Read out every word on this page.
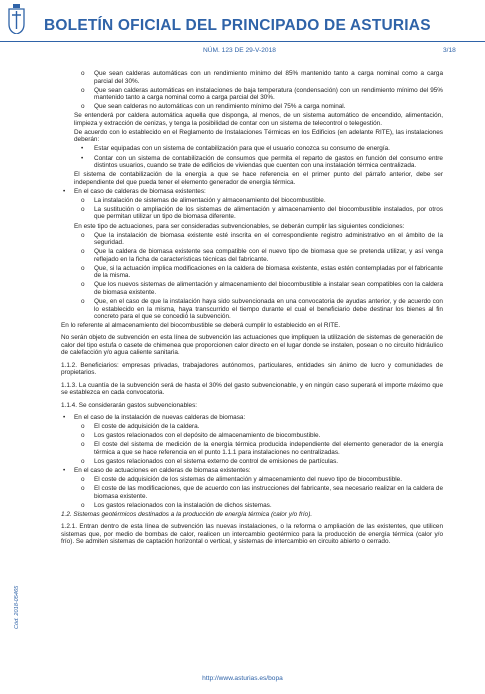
BOLETÍN OFICIAL DEL PRINCIPADO DE ASTURIAS
NÚM. 123 DE 29-V-2018	3/18
Cód. 2018-05465

o Que sean calderas automáticas con un rendimiento mínimo del 85% mantenido tanto a carga nominal como a carga parcial del 30%.

o Que sean calderas automáticas en instalaciones de baja temperatura (condensación) con un rendimiento mínimo del 95% mantenido tanto a carga nominal como a carga parcial del 30%.

o Que sean calderas no automáticas con un rendimiento mínimo del 75% a carga nominal.

Se entenderá por caldera automática aquella que disponga, al menos, de un sistema automático de encendido, alimentación, limpieza y extracción de cenizas, y tenga la posibilidad de contar con un sistema de telecontrol o telegestión.

De acuerdo con lo establecido en el Reglamento de Instalaciones Térmicas en los Edificios (en adelante RITE), las instalaciones deberán:

• Estar equipadas con un sistema de contabilización para que el usuario conozca su consumo de energía.

• Contar con un sistema de contabilización de consumos que permita el reparto de gastos en función del consumo entre distintos usuarios, cuando se trate de edificios de viviendas que cuenten con una instalación térmica centralizada.

El sistema de contabilización de la energía a que se hace referencia en el primer punto del párrafo anterior, debe ser independiente del que pueda tener el elemento generador de energía térmica.

• En el caso de calderas de biomasa existentes:

o La instalación de sistemas de alimentación y almacenamiento del biocombustible.

o La sustitución o ampliación de los sistemas de alimentación y almacenamiento del biocombustible instalados, por otros que permitan utilizar un tipo de biomasa diferente.

En este tipo de actuaciones, para ser consideradas subvencionables, se deberán cumplir las siguientes condiciones:

o Que la instalación de biomasa existente esté inscrita en el correspondiente registro administrativo en el ámbito de la seguridad.

o Que la caldera de biomasa existente sea compatible con el nuevo tipo de biomasa que se pretenda utilizar, y así venga reflejado en la ficha de características técnicas del fabricante.

o Que, si la actuación implica modificaciones en la caldera de biomasa existente, estas estén contempladas por el fabricante de la misma.

o Que los nuevos sistemas de alimentación y almacenamiento del biocombustible a instalar sean compatibles con la caldera de biomasa existente.

o Que, en el caso de que la instalación haya sido subvencionada en una convocatoria de ayudas anterior, y de acuerdo con lo establecido en la misma, haya transcurrido el tiempo durante el cual el beneficiario debe destinar los bienes al fin concreto para el que se concedió la subvención.

En lo referente al almacenamiento del biocombustible se deberá cumplir lo establecido en el RITE.

No serán objeto de subvención en esta línea de subvención las actuaciones que impliquen la utilización de sistemas de generación de calor del tipo estufa o casete de chimenea que proporcionen calor directo en el lugar donde se instalen, posean o no circuito hidráulico de calefacción y/o agua caliente sanitaria.

1.1.2. Beneficiarios: empresas privadas, trabajadores autónomos, particulares, entidades sin ánimo de lucro y comunidades de propietarios.

1.1.3. La cuantía de la subvención será de hasta el 30% del gasto subvencionable, y en ningún caso superará el importe máximo que se establezca en cada convocatoria.

1.1.4. Se considerarán gastos subvencionables:

• En el caso de la instalación de nuevas calderas de biomasa:

o El coste de adquisición de la caldera.

o Los gastos relacionados con el depósito de almacenamiento de biocombustible.

o El coste del sistema de medición de la energía térmica producida independiente del elemento generador de la energía térmica a que se hace referencia en el punto 1.1.1 para instalaciones no centralizadas.

o Los gastos relacionados con el sistema externo de control de emisiones de partículas.

• En el caso de actuaciones en calderas de biomasa existentes:

o El coste de adquisición de los sistemas de alimentación y almacenamiento del nuevo tipo de biocombustible.

o El coste de las modificaciones, que de acuerdo con las instrucciones del fabricante, sea necesario realizar en la caldera de biomasa existente.

o Los gastos relacionados con la instalación de dichos sistemas.

1.2. Sistemas geotérmicos destinados a la producción de energía térmica (calor y/o frío).

1.2.1. Entran dentro de esta línea de subvención las nuevas instalaciones, o la reforma o ampliación de las existentes, que utilicen sistemas que, por medio de bombas de calor, realicen un intercambio geotérmico para la producción de energía térmica (calor y/o frío). Se admiten sistemas de captación horizontal o vertical, y sistemas de intercambio en circuito abierto o cerrado.

http://www.asturias.es/bopa
